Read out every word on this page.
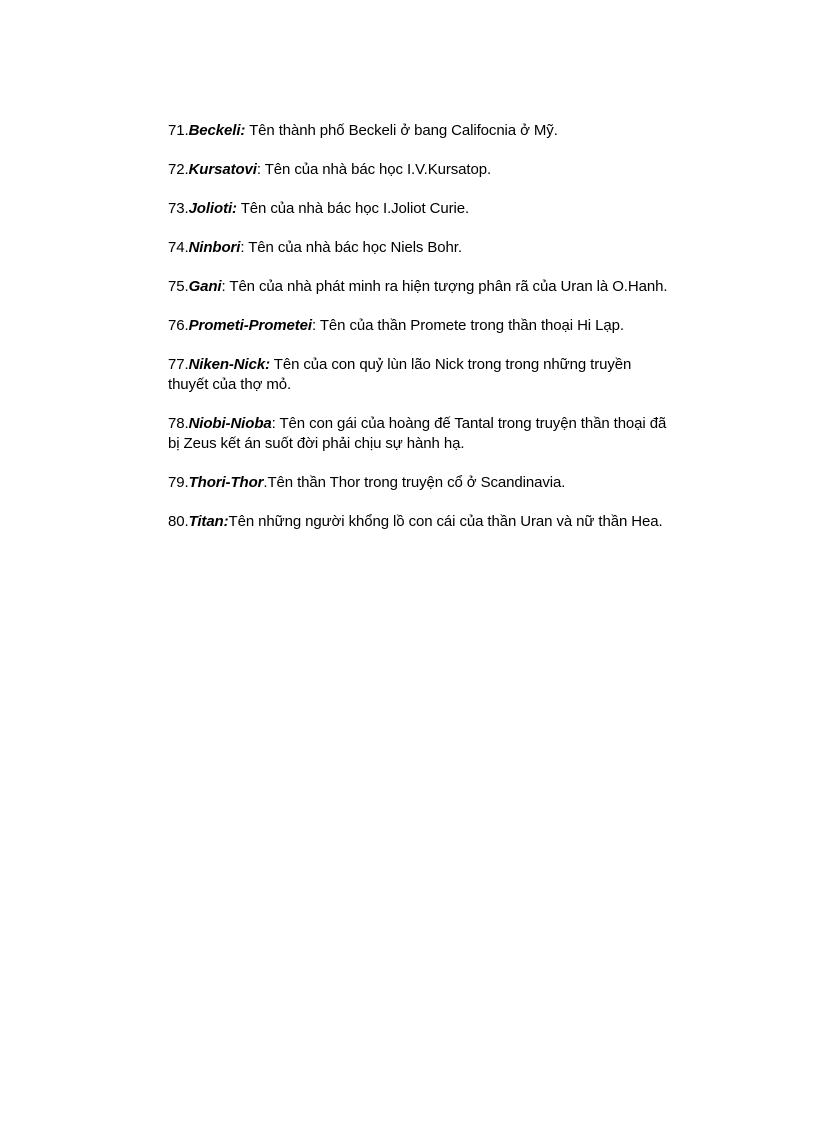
71.Beckeli: Tên thành phố Beckeli ở bang Califocnia ở Mỹ.

72.Kursatovi: Tên của nhà bác học I.V.Kursatop.

73.Jolioti: Tên của nhà bác học I.Joliot Curie.

74.Ninbori: Tên của nhà bác học Niels Bohr.

75.Gani: Tên của nhà phát minh ra hiện tượng phân rã của Uran là O.Hanh.

76.Prometi-Prometei: Tên của thần Promete trong thần thoại Hi Lạp.

77.Niken-Nick: Tên của con quỷ lùn lão Nick trong trong những truyền thuyết của thợ mỏ.

78.Niobi-Nioba: Tên con gái của hoàng đế Tantal trong truyện thần thoại đã bị Zeus kết án suốt đời phải chịu sự hành hạ.

79.Thori-Thor.Tên thần Thor trong truyện cổ ở Scandinavia.

80.Titan:Tên những người khổng lồ con cái của thần Uran và nữ thần Hea.
